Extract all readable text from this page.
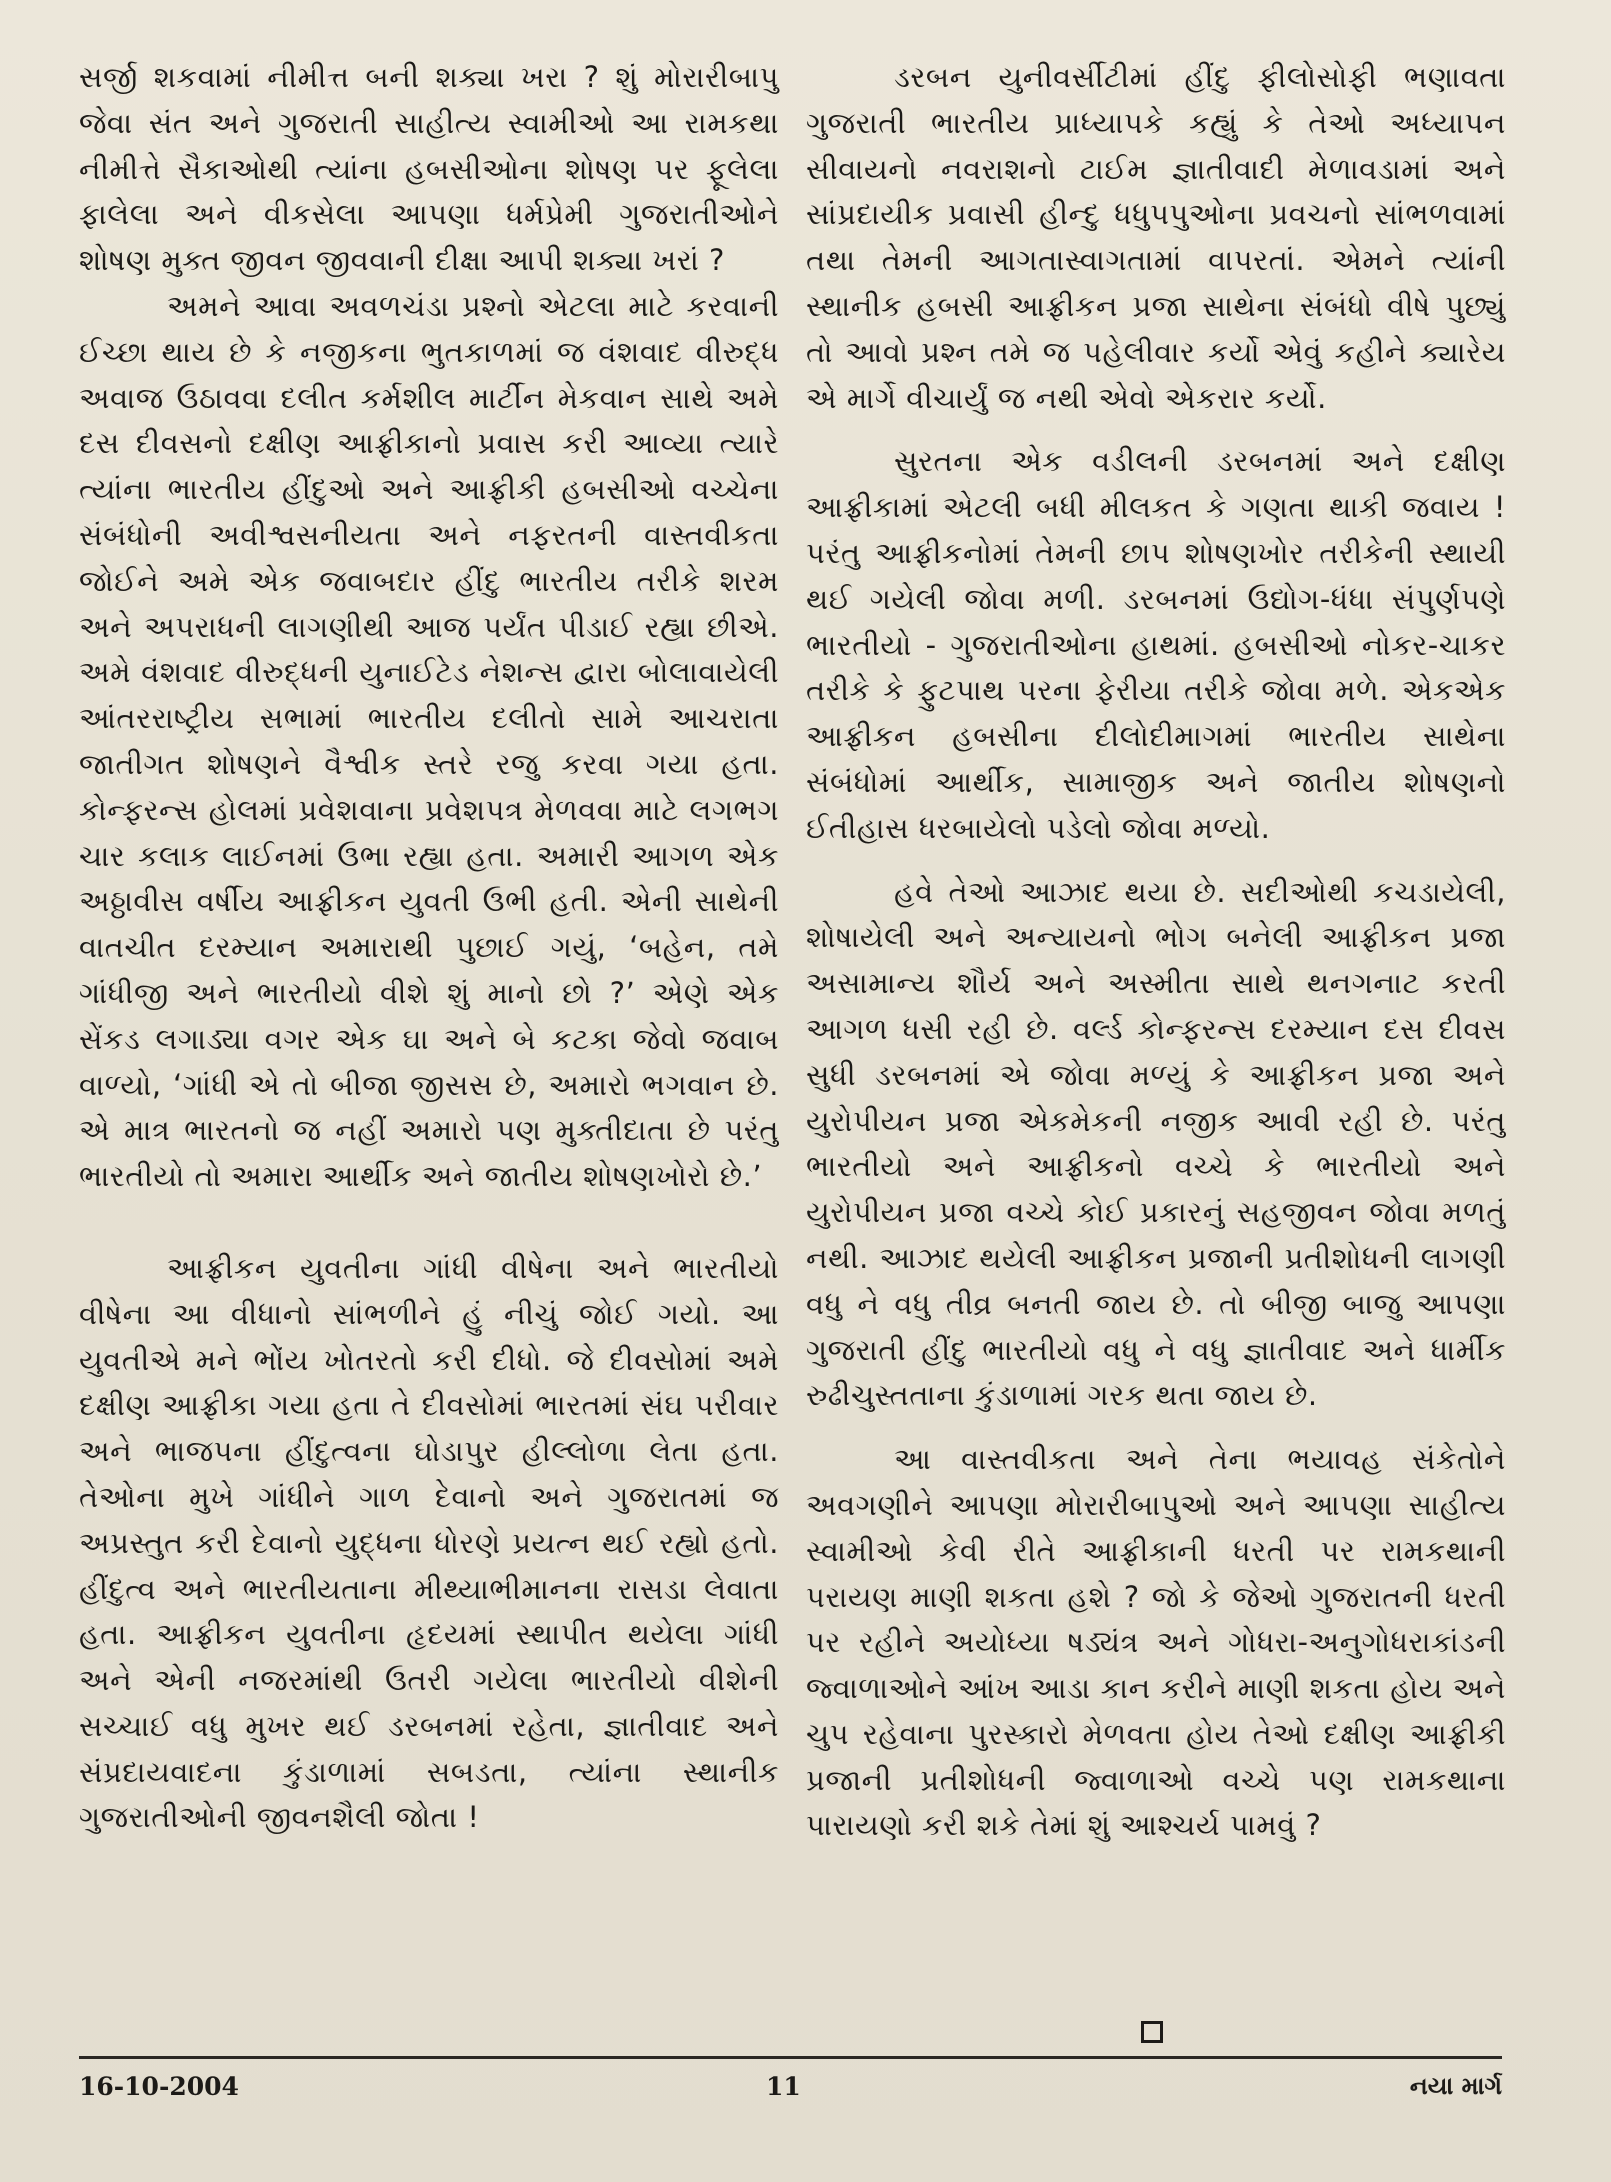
સર્જી શકવામાં નીમીત્ત બની શક્યા ખરા ? શું મોરારીબાપુ જેવા સંત અને ગુજરાતી સાહીત્ય સ્વામીઓ આ રામકથા નીમીત્તે સૈકાઓથી ત્યાંના હબસીઓના શોષણ પર ફૂલેલા ફાલેલા અને વીકસેલા આપણા ધર્મપ્રેમી ગુજરાતીઓને શોષણ મુક્ત જીવન જીવવાની દીક્ષા આપી શક્યા ખરાં ?

અમને આવા અવળચંડા પ્રશ્નો એટલા માટે કરવાની ઈચ્છા થાય છે કે નજીકના ભુતકાળમાં જ વંશવાદ વીરુદ્ધ અવાજ ઉઠાવવા દલીત કર્મશીલ માર્ટીન મેકવાન સાથે અમે દસ દીવસનો દક્ષીણ આફ્રીકાનો પ્રવાસ કરી આવ્યા ત્યારે ત્યાંના ભારતીય હીંદુઓ અને આફ્રીકી હબસીઓ વચ્ચેના સંબંધોની અવીશ્વસનીયતા અને નફરતની વાસ્તવીકતા જોઈને અમે એક જવાબદાર હીંદુ ભારતીય તરીકે શરમ અને અપરાધની લાગણીથી આજ પર્યંત પીડાઈ રહ્યા છીએ. અમે વંશવાદ વીરુદ્ધની યુનાઈટેડ નેશન્સ દ્વારા બોલાવાયેલી આંતરરાષ્ટ્રીય સભામાં ભારતીય દલીતો સામે આચરાતા જાતીગત શોષણને વૈશ્વીક સ્તરે રજુ કરવા ગયા હતા. કોન્ફરન્સ હોલમાં પ્રવેશવાના પ્રવેશપત્ર મેળવવા માટે લગભગ ચાર કલાક લાઈનમાં ઉભા રહ્યા હતા. અમારી આગળ એક અઠ્ઠાવીસ વર્ષીય આફ્રીકન યુવતી ઉભી હતી. એની સાથેની વાતચીત દરમ્યાન અમારાથી પુછાઈ ગયું, ‘બહેન, તમે ગાંધીજી અને ભારતીયો વીશે શું માનો છો ?’ એણે એક સેંકડ લગાડ્યા વગર એક ઘા અને બે કટકા જેવો જવાબ વાળ્યો, ‘ગાંધી એ તો બીજા જીસસ છે, અમારો ભગવાન છે. એ માત્ર ભારતનો જ નહીં અમારો પણ મુક્તીદાતા છે પરંતુ ભારતીયો તો અમારા આર્થીક અને જાતીય શોષણખોરો છે.’

આફ્રીકન યુવતીના ગાંધી વીષેના અને ભારતીયો વીષેના આ વીધાનો સાંભળીને હું નીચું જોઈ ગયો. આ યુવતીએ મને ભોંય ખોતરતો કરી દીધો. જે દીવસોમાં અમે દક્ષીણ આફ્રીકા ગયા હતા તે દીવસોમાં ભારતમાં સંઘ પરીવાર અને ભાજપના હીંદુત્વના ઘોડાપુર હીલ્લોળા લેતા હતા. તેઓના મુખે ગાંધીને ગાળ દેવાનો અને ગુજરાતમાં જ અપ્રસ્તુત કરી દેવાનો યુદ્ધના ધોરણે પ્રયત્ન થઈ રહ્યો હતો. હીંદુત્વ અને ભારતીયતાના મીથ્યાભીમાનના રાસડા લેવાતા હતા. આફ્રીકન યુવતીના હૃદયમાં સ્થાપીત થયેલા ગાંધી અને એની નજરમાંથી ઉતરી ગયેલા ભારતીયો વીશેની સચ્ચાઈ વધુ મુખર થઈ ડરબનમાં રહેતા, જ્ઞાતીવાદ અને સંપ્રદાયવાદના કુંડાળામાં સબડતા, ત્યાંના સ્થાનીક ગુજરાતીઓની જીવનશૈલી જોતા !

ડરબન યુનીવર્સીટીમાં હીંદુ ફીલોસોફી ભણાવતા ગુજરાતી ભારતીય પ્રાધ્યાપકે કહ્યું કે તેઓ અધ્યાપન સીવાયનો નવરાશનો ટાઈમ જ્ઞાતીવાદી મેળાવડામાં અને સાંપ્રદાયીક પ્રવાસી હીન્દુ ધધુપપુઓના પ્રવચનો સાંભળવામાં તથા તેમની આગતાસ્વાગતામાં વાપરતાં. એમને ત્યાંની સ્થાનીક હબસી આફ્રીકન પ્રજા સાથેના સંબંધો વીષે પુછ્યું તો આવો પ્રશ્ન તમે જ પહેલીવાર કર્યો એવું કહીને ક્યારેય એ માર્ગે વીચાર્યું જ નથી એવો એકરાર કર્યો.

સુરતના એક વડીલની ડરબનમાં અને દક્ષીણ આફ્રીકામાં એટલી બધી મીલકત કે ગણતા થાકી જવાય ! પરંતુ આફ્રીકનોમાં તેમની છાપ શોષણખોર તરીકેની સ્થાયી થઈ ગયેલી જોવા મળી. ડરબનમાં ઉદ્યોગ-ધંધા સંપુર્ણપણે ભારતીયો - ગુજરાતીઓના હાથમાં. હબસીઓ નોકર-ચાકર તરીકે કે ફુટપાથ પરના ફેરીયા તરીકે જોવા મળે. એકએક આફ્રીકન હબસીના દીલોદીમાગમાં ભારતીય સાથેના સંબંધોમાં આર્થીક, સામાજીક અને જાતીય શોષણનો ઈતીહાસ ધરબાયેલો પડેલો જોવા મળ્યો.

હવે તેઓ આઝાદ થયા છે. સદીઓથી કચડાયેલી, શોષાયેલી અને અન્યાયનો ભોગ બનેલી આફ્રીકન પ્રજા અસામાન્ય શૌર્ય અને અસ્મીતા સાથે થનગનાટ કરતી આગળ ધસી રહી છે. વર્લ્ડ કોન્ફરન્સ દરમ્યાન દસ દીવસ સુધી ડરબનમાં એ જોવા મળ્યું કે આફ્રીકન પ્રજા અને યુરોપીયન પ્રજા એકમેકની નજીક આવી રહી છે. પરંતુ ભારતીયો અને આફ્રીકનો વચ્ચે કે ભારતીયો અને યુરોપીયન પ્રજા વચ્ચે કોઈ પ્રકારનું સહજીવન જોવા મળતું નથી. આઝાદ થયેલી આફ્રીકન પ્રજાની પ્રતીશોધની લાગણી વધુ ને વધુ તીવ્ર બનતી જાય છે. તો બીજી બાજુ આપણા ગુજરાતી હીંદુ ભારતીયો વધુ ને વધુ જ્ઞાતીવાદ અને ધાર્મીક રુઢીચુસ્તતાના કુંડાળામાં ગરક થતા જાય છે.

આ વાસ્તવીકતા અને તેના ભયાવહ સંકેતોને અવગણીને આપણા મોરારીબાપુઓ અને આપણા સાહીત્ય સ્વામીઓ કેવી રીતે આફ્રીકાની ધરતી પર રામકથાની પરાયણ માણી શકતા હશે ? જો કે જેઓ ગુજરાતની ધરતી પર રહીને અયોધ્યા ષડ્યંત્ર અને ગોધરા-અનુગોધરાકાંડની જ્વાળાઓને આંખ આડા કાન કરીને માણી શકતા હોય અને ચુપ રહેવાના પુરસ્કારો મેળવતા હોય તેઓ દક્ષીણ આફ્રીકી પ્રજાની પ્રતીશોધની જ્વાળાઓ વચ્ચે પણ રામકથાના પારાયણો કરી શકે તેમાં શું આશ્ચર્ય પામવું ?

16-10-2004	11	નયા માર્ગ
